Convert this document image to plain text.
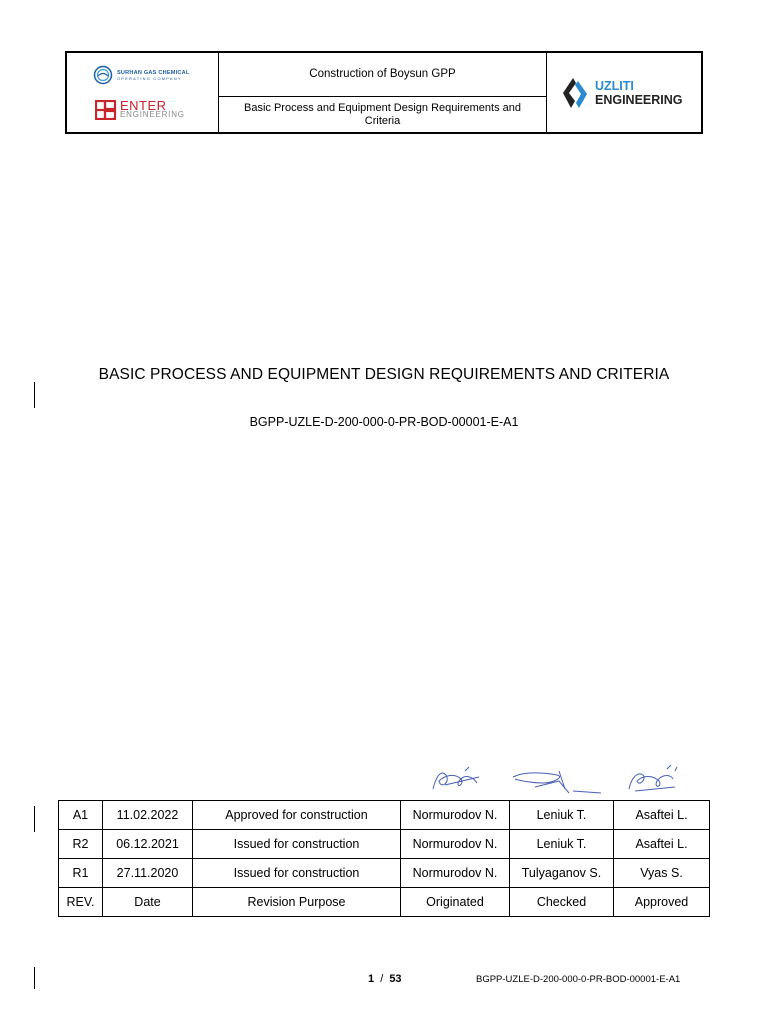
SURHAN GAS CHEMICAL
OPERATING COMPANY
ENTER
ENGINEERING
Construction of Boysun GPP
Basic Process and Equipment Design Requirements and Criteria
UZLITI
ENGINEERING
BASIC PROCESS AND EQUIPMENT DESIGN REQUIREMENTS AND CRITERIA
BGPP-UZLE-D-200-000-0-PR-BOD-00001-E-A1
A1	11.02.2022	Approved for construction	Normurodov N.	Leniuk T.	Asaftei L.
R2	06.12.2021	Issued for construction	Normurodov N.	Leniuk T.	Asaftei L.
R1	27.11.2020	Issued for construction	Normurodov N.	Tulyaganov S.	Vyas S.
REV.	Date	Revision Purpose	Originated	Checked	Approved
1 / 53	BGPP-UZLE-D-200-000-0-PR-BOD-00001-E-A1
